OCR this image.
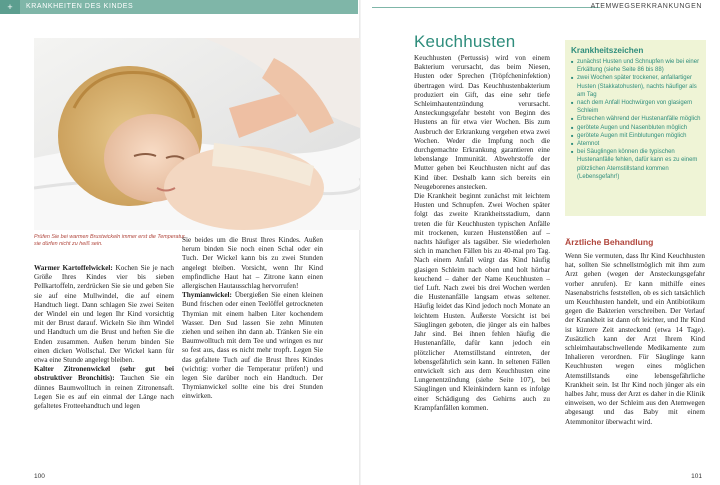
+	KRANKHEITEN DES KINDES	ATEMWEGSERKRANKUNGEN
Prüfen Sie bei warmen Brustwickeln immer erst die Temperatur, sie dürfen nicht zu heiß sein.

Warmer Kartoffelwickel: Kochen Sie je nach Größe Ihres Kindes vier bis sieben Pellkartoffeln, zerdrücken Sie sie und geben Sie sie auf eine Mullwindel, die auf einem Handtuch liegt. Dann schlagen Sie zwei Seiten der Windel ein und legen Ihr Kind vorsichtig mit der Brust darauf. Wickeln Sie ihm Windel und Handtuch um die Brust und heften Sie die Enden zusammen. Außen herum binden Sie einen dicken Wollschal. Der Wickel kann für etwa eine Stunde angelegt bleiben.

Kalter Zitronenwickel (sehr gut bei obstruktiver Bronchitis): Tauchen Sie ein dünnes Baumwolltuch in reinen Zitronensaft. Legen Sie es auf ein einmal der Länge nach gefaltetes Frotteehandtuch und legen

Sie beides um die Brust Ihres Kindes. Außen herum binden Sie noch einen Schal oder ein Tuch. Der Wickel kann bis zu zwei Stunden angelegt bleiben. Vorsicht, wenn Ihr Kind empfindliche Haut hat – Zitrone kann einen allergischen Hautausschlag hervorrufen!

Thymianwickel: Übergießen Sie einen kleinen Bund frischen oder einen Teelöffel getrockneten Thymian mit einem halben Liter kochendem Wasser. Den Sud lassen Sie zehn Minuten ziehen und seihen ihn dann ab. Tränken Sie ein Baumwolltuch mit dem Tee und wringen es nur so fest aus, dass es nicht mehr tropft. Legen Sie das gefaltete Tuch auf die Brust Ihres Kindes (wichtig: vorher die Temperatur prüfen!) und legen Sie darüber noch ein Handtuch. Der Thymianwickel sollte eine bis drei Stunden einwirken.

Keuchhusten

Keuchhusten (Pertussis) wird von einem Bakterium verursacht, das beim Niesen, Husten oder Sprechen (Tröpfcheninfektion) übertragen wird. Das Keuchhustenbakterium produziert ein Gift, das eine sehr tiefe Schleimhautentzündung verursacht. Ansteckungsgefahr besteht von Beginn des Hustens an für etwa vier Wochen. Bis zum Ausbruch der Erkrankung vergehen etwa zwei Wochen. Weder die Impfung noch die durchgemachte Erkrankung garantieren eine lebenslange Immunität. Abwehrstoffe der Mutter gehen bei Keuchhusten nicht auf das Kind über. Deshalb kann sich bereits ein Neugeborenes anstecken.

Die Krankheit beginnt zunächst mit leichtem Husten und Schnupfen. Zwei Wochen später folgt das zweite Krankheitsstadium, dann treten die für Keuchhusten typischen Anfälle mit trockenen, kurzen Hustenstößen auf – nachts häufiger als tagsüber. Sie wiederholen sich in manchen Fällen bis zu 40-mal pro Tag. Nach einem Anfall würgt das Kind häufig glasigen Schleim nach oben und holt hörbar keuchend – daher der Name Keuchhusten – tief Luft. Nach zwei bis drei Wochen werden die Hustenanfälle langsam etwas seltener. Häufig leidet das Kind jedoch noch Monate an leichtem Husten. Äußerste Vorsicht ist bei Säuglingen geboten, die jünger als ein halbes Jahr sind. Bei ihnen fehlen häufig die Hustenanfälle, dafür kann jedoch ein plötzlicher Atemstillstand eintreten, der lebensgefährlich sein kann. In seltenen Fällen entwickelt sich aus dem Keuchhusten eine Lungenentzündung (siehe Seite 107), bei Säuglingen und Kleinkindern kann es infolge einer Schädigung des Gehirns auch zu Krampfanfällen kommen.

Krankheitszeichen
■ zunächst Husten und Schnupfen wie bei einer Erkältung (siehe Seite 86 bis 88)
■ zwei Wochen später trockener, anfallartiger Husten (Stakkatohusten), nachts häufiger als am Tag
■ nach dem Anfall Hochwürgen von glasigem Schleim
■ Erbrechen während der Hustenanfälle möglich
■ gerötete Augen und Nasenbluten möglich
■ gerötete Augen mit Einblutungen möglich
■ Atemnot
■ bei Säuglingen können die typischen Hustenanfälle fehlen, dafür kann es zu einem plötzlichen Atemstillstand kommen (Lebensgefahr!)
Ärztliche Behandlung

Wenn Sie vermuten, dass Ihr Kind Keuchhusten hat, sollten Sie schnellstmöglich mit ihm zum Arzt gehen (wegen der Ansteckungsgefahr vorher anrufen). Er kann mithilfe eines Nasenabstrichs feststellen, ob es sich tatsächlich um Keuchhusten handelt, und ein Antibiotikum gegen die Bakterien verschreiben. Der Verlauf der Krankheit ist dann oft leichter, und Ihr Kind ist kürzere Zeit ansteckend (etwa 14 Tage). Zusätzlich kann der Arzt Ihrem Kind schleimhautabschwellende Medikamente zum Inhalieren verordnen. Für Säuglinge kann Keuchhusten wegen eines möglichen Atemstillstands eine lebensgefährliche Krankheit sein. Ist Ihr Kind noch jünger als ein halbes Jahr, muss der Arzt es daher in die Klinik einweisen, wo der Schleim aus den Atemwegen abgesaugt und das Baby mit einem Atemmonitor überwacht wird.

100	101
